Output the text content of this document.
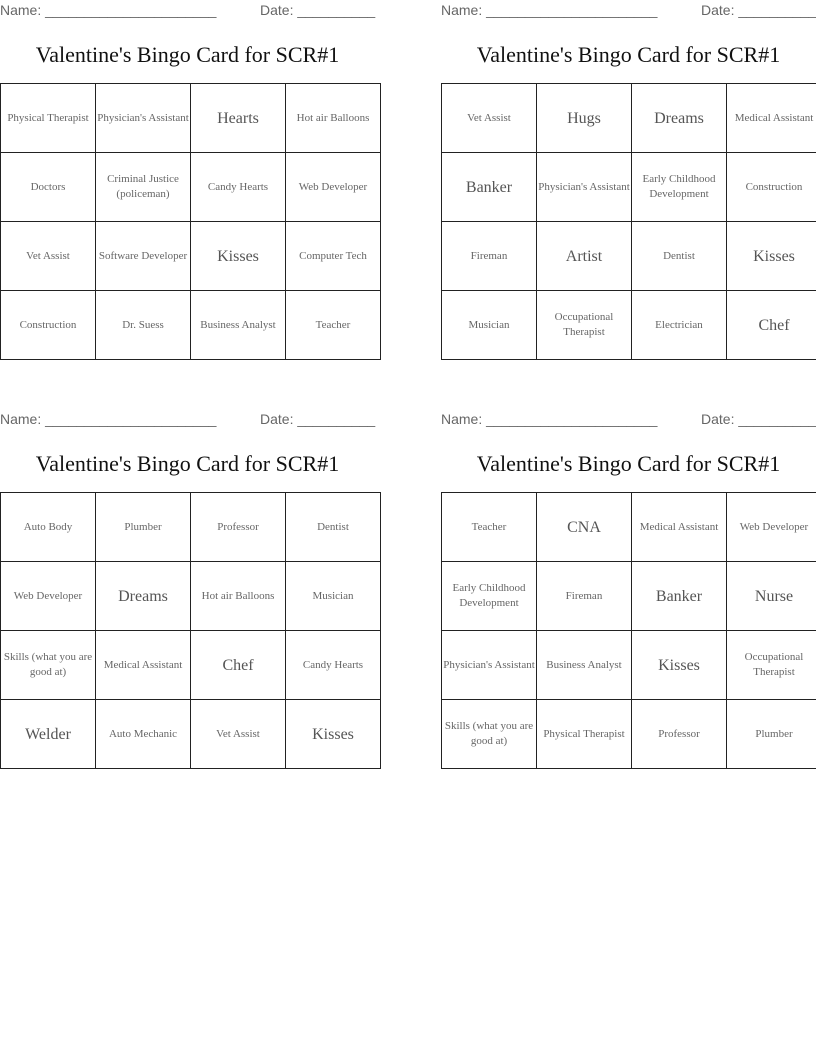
Name: ______________________	Date: __________
Valentine's Bingo Card for SCR#1
Physical Therapist	Physician's Assistant	Hearts	Hot air Balloons
Doctors	Criminal Justice (policeman)	Candy Hearts	Web Developer
Vet Assist	Software Developer	Kisses	Computer Tech
Construction	Dr. Suess	Business Analyst	Teacher
Name: ______________________	Date: __________
Valentine's Bingo Card for SCR#1
Vet Assist	Hugs	Dreams	Medical Assistant
Banker	Physician's Assistant	Early Childhood Development	Construction
Fireman	Artist	Dentist	Kisses
Musician	Occupational Therapist	Electrician	Chef
Name: ______________________	Date: __________
Valentine's Bingo Card for SCR#1
Auto Body	Plumber	Professor	Dentist
Web Developer	Dreams	Hot air Balloons	Musician
Skills (what you are good at)	Medical Assistant	Chef	Candy Hearts
Welder	Auto Mechanic	Vet Assist	Kisses
Name: ______________________	Date: __________
Valentine's Bingo Card for SCR#1
Teacher	CNA	Medical Assistant	Web Developer
Early Childhood Development	Fireman	Banker	Nurse
Physician's Assistant	Business Analyst	Kisses	Occupational Therapist
Skills (what you are good at)	Physical Therapist	Professor	Plumber
